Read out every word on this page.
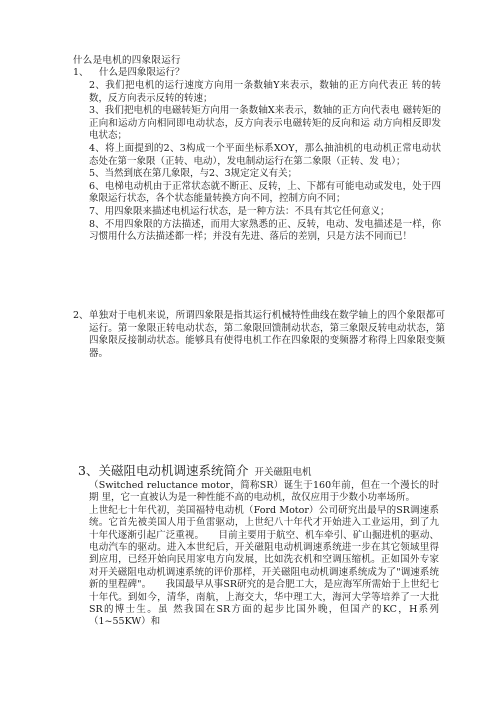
什么是电机的四象限运行
1、 什么是四象限运行？

2、我们把电机的运行速度方向用一条数轴Y来表示，数轴的正方向代表正 转的转数，反方向表示反转的转速；

3、我们把电机的电磁转矩方向用一条数轴X来表示，数轴的正方向代表电 磁转矩的正向和运动方向相同即电动状态，反方向表示电磁转矩的反向和运 动方向相反即发电状态；

4、将上面提到的2、3构成一个平面坐标系XOY，那么抽油机的电动机正常电动状态处在第一象限（正转、电动），发电制动运行在第二象限（正转、发 电）；

5、当然到底在第几象限，与2、3规定定义有关；

6、电梯电动机由于正常状态就不断正、反转，上、下都有可能电动或发电，处于四象限运行状态，各个状态能量转换方向不同，控制方向不同；

7、用四象限来描述电机运行状态，是一种方法：不具有其它任何意义；

8、不用四象限的方法描述，而用大家熟悉的正、反转，电动、发电描述是一样，你习惯用什么方法描述都一样；并没有先进、落后的差别，只是方法不同而已！

2、 单独对于电机来说，所谓四象限是指其运行机械特性曲线在数学轴上的四个象限都可运行。第一象限正转电动状态，第二象限回馈制动状态，第三象限反转电动状态，第四象限反接制动状态。能够具有使得电机工作在四象限的变频器才称得上四象限变频器。
3、关磁阻电动机调速系统简介 开关磁阻电机

（Switched reluctance motor，简称SR）诞生于160年前，但在一个漫长的时期 里，它一直被认为是一种性能不高的电动机，故仅应用于少数小功率场所。

上世纪七十年代初，美国福特电动机（Ford Motor）公司研究出最早的SR调速系统。它首先被美国人用于鱼雷驱动，上世纪八十年代才开始进入工业运用，到了九十年代逐渐引起广泛重视。　　目前主要用于航空、机车牵引、矿山掘进机的驱动、电动汽车的驱动。进入本世纪后，开关磁阻电动机调速系统进一步在其它领域里得到应用，已经开始向民用家电方向发展，比如洗衣机和空调压缩机。正如国外专家对开关磁阻电动机调速系统的评价那样，开关磁阻电动机调速系统成为了"调速系统新的里程碑"。　　我国最早从事SR研究的是合肥工大，是应海军所需始于上世纪七十年代。到如今，清华，南航，上海交大，华中理工大，海河大学等培养了一大批SR的博士生。虽 然我国在SR方面的起步比国外晚，但国产的KC，H系列（1~55KW）和
